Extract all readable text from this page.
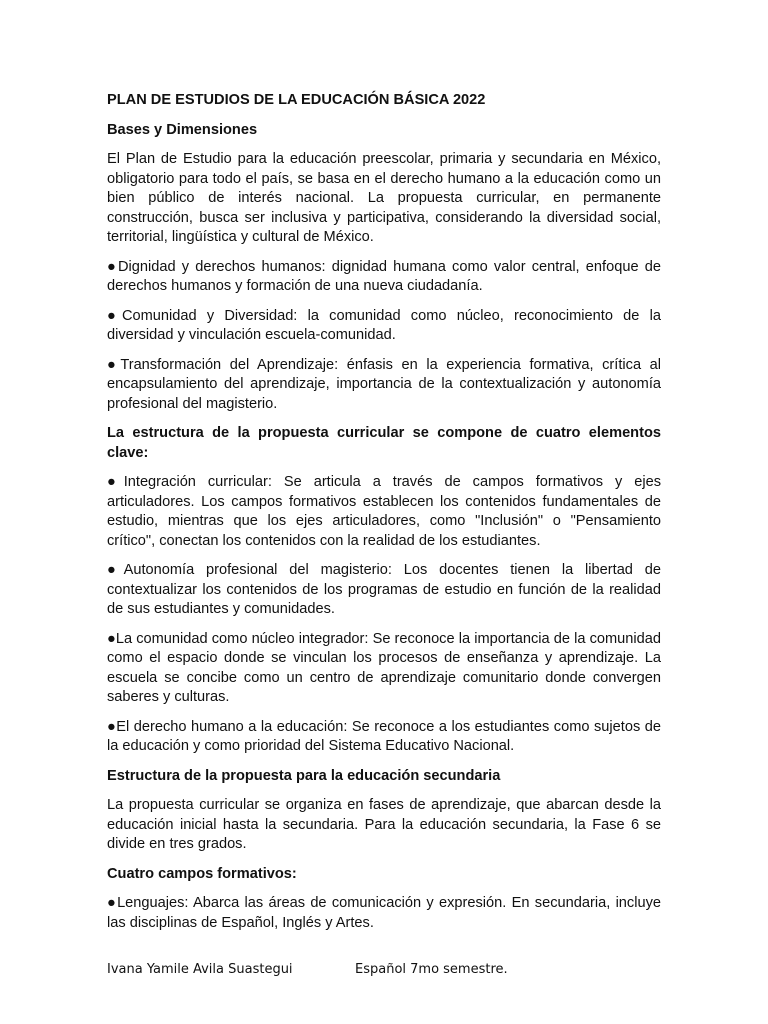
PLAN DE ESTUDIOS DE LA EDUCACIÓN BÁSICA 2022

Bases y Dimensiones

El Plan de Estudio para la educación preescolar, primaria y secundaria en México, obligatorio para todo el país, se basa en el derecho humano a la educación como un bien público de interés nacional. La propuesta curricular, en permanente construcción, busca ser inclusiva y participativa, considerando la diversidad social, territorial, lingüística y cultural de México.

●Dignidad y derechos humanos: dignidad humana como valor central, enfoque de derechos humanos y formación de una nueva ciudadanía.

●Comunidad y Diversidad: la comunidad como núcleo, reconocimiento de la diversidad y vinculación escuela-comunidad.

●Transformación del Aprendizaje: énfasis en la experiencia formativa, crítica al encapsulamiento del aprendizaje, importancia de la contextualización y autonomía profesional del magisterio.

La estructura de la propuesta curricular se compone de cuatro elementos clave:

●Integración curricular: Se articula a través de campos formativos y ejes articuladores. Los campos formativos establecen los contenidos fundamentales de estudio, mientras que los ejes articuladores, como "Inclusión" o "Pensamiento crítico", conectan los contenidos con la realidad de los estudiantes.

●Autonomía profesional del magisterio: Los docentes tienen la libertad de contextualizar los contenidos de los programas de estudio en función de la realidad de sus estudiantes y comunidades.

●La comunidad como núcleo integrador: Se reconoce la importancia de la comunidad como el espacio donde se vinculan los procesos de enseñanza y aprendizaje. La escuela se concibe como un centro de aprendizaje comunitario donde convergen saberes y culturas.

●El derecho humano a la educación: Se reconoce a los estudiantes como sujetos de la educación y como prioridad del Sistema Educativo Nacional.

Estructura de la propuesta para la educación secundaria

La propuesta curricular se organiza en fases de aprendizaje, que abarcan desde la educación inicial hasta la secundaria. Para la educación secundaria, la Fase 6 se divide en tres grados.

Cuatro campos formativos:

●Lenguajes: Abarca las áreas de comunicación y expresión. En secundaria, incluye las disciplinas de Español, Inglés y Artes.

Ivana Yamile Avila Suastegui	Español 7mo semestre.
